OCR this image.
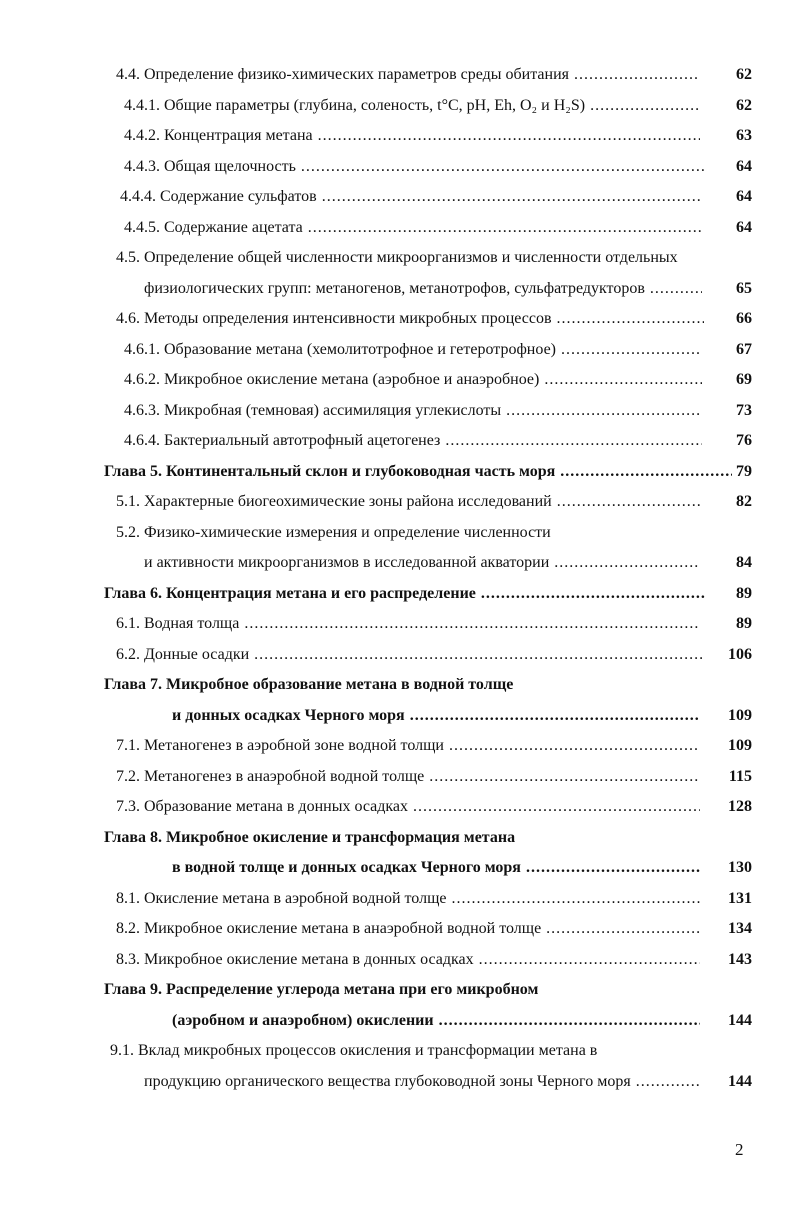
4.4. Определение физико-химических параметров среды обитания .....	62
4.4.1. Общие параметры (глубина, соленость, t°C, pH, Eh, O₂ и H₂S) .....	62
4.4.2. Концентрация метана .....	63
4.4.3. Общая щелочность .....	64
4.4.4. Содержание сульфатов .....	64
4.4.5. Содержание ацетата .....	64
4.5. Определение общей численности микроорганизмов и численности отдельных
физиологических групп: метаногенов, метанотрофов, сульфатредукторов .....	65
4.6. Методы определения интенсивности микробных процессов .....	66
4.6.1. Образование метана (хемолитотрофное и гетеротрофное) .....	67
4.6.2. Микробное окисление метана (аэробное и анаэробное) .....	69
4.6.3. Микробная (темновая) ассимиляция углекислоты .....	73
4.6.4. Бактериальный автотрофный ацетогенез .....	76
Глава 5. Континентальный склон и глубоководная часть моря .....	79
5.1. Характерные биогеохимические зоны района исследований .....	82
5.2. Физико-химические измерения и определение численности
и активности микроорганизмов в исследованной акватории .....	84
Глава 6. Концентрация метана и его распределение .....	89
6.1. Водная толща .....	89
6.2. Донные осадки .....	106
Глава 7. Микробное образование метана в водной толще
и донных осадках Черного моря .....	109
7.1. Метаногенез в аэробной зоне водной толщи .....	109
7.2. Метаногенез в анаэробной водной толще .....	115
7.3. Образование метана в донных осадках .....	128
Глава 8. Микробное окисление и трансформация метана
в водной толще и донных осадках Черного моря .....	130
8.1. Окисление метана в аэробной водной толще .....	131
8.2. Микробное окисление метана в анаэробной водной толще .....	134
8.3. Микробное окисление метана в донных осадках .....	143
Глава 9. Распределение углерода метана при его микробном
(аэробном и анаэробном) окислении .....	144
9.1. Вклад микробных процессов окисления и трансформации метана в
продукцию органического вещества глубоководной зоны Черного моря .....	144
2
